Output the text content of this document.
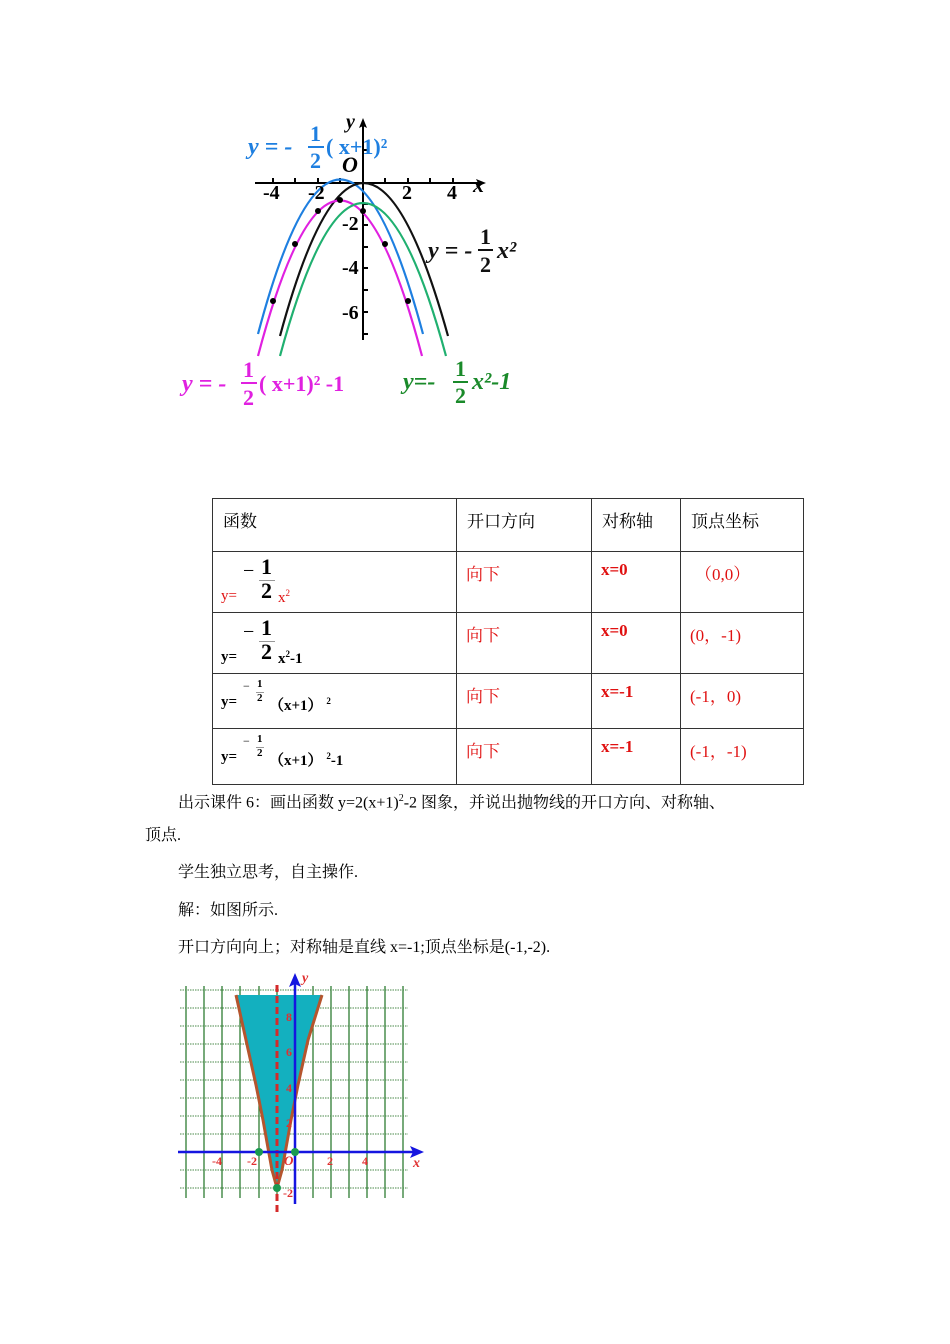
-4 -2	2 4
-2
-4
-6
x
y
O
y = -
1
2
( x+1)²
y = -
1
2
x²
y = -
1
2
( x+1)² -1 y=-
1
2
x²-1
函数	开口方向	对称轴	顶点坐标

y=
− 1
2 $x^2$	向下	x=0	（0,0）

y=
− 1
2 $x^2-1$	向下	x=0	(0，-1)

y=
− 1
2 （x+1） $^2$	向下	x=-1	(-1，0)

y=
− 1
2 （x+1） $^2$-1	向下	x=-1	(-1，-1)
出示课件 6：画出函数 $y=2(x+1)^2-2$ 图象，并说出抛物线的开口方向、对称轴、
顶点.
学生独立思考，自主操作.
解：如图所示.
开口方向向上；对称轴是直线 x=-1;顶点坐标是(-1,-2).
-4 -2	2 4
8
6
4
2
-2
O	x
y
